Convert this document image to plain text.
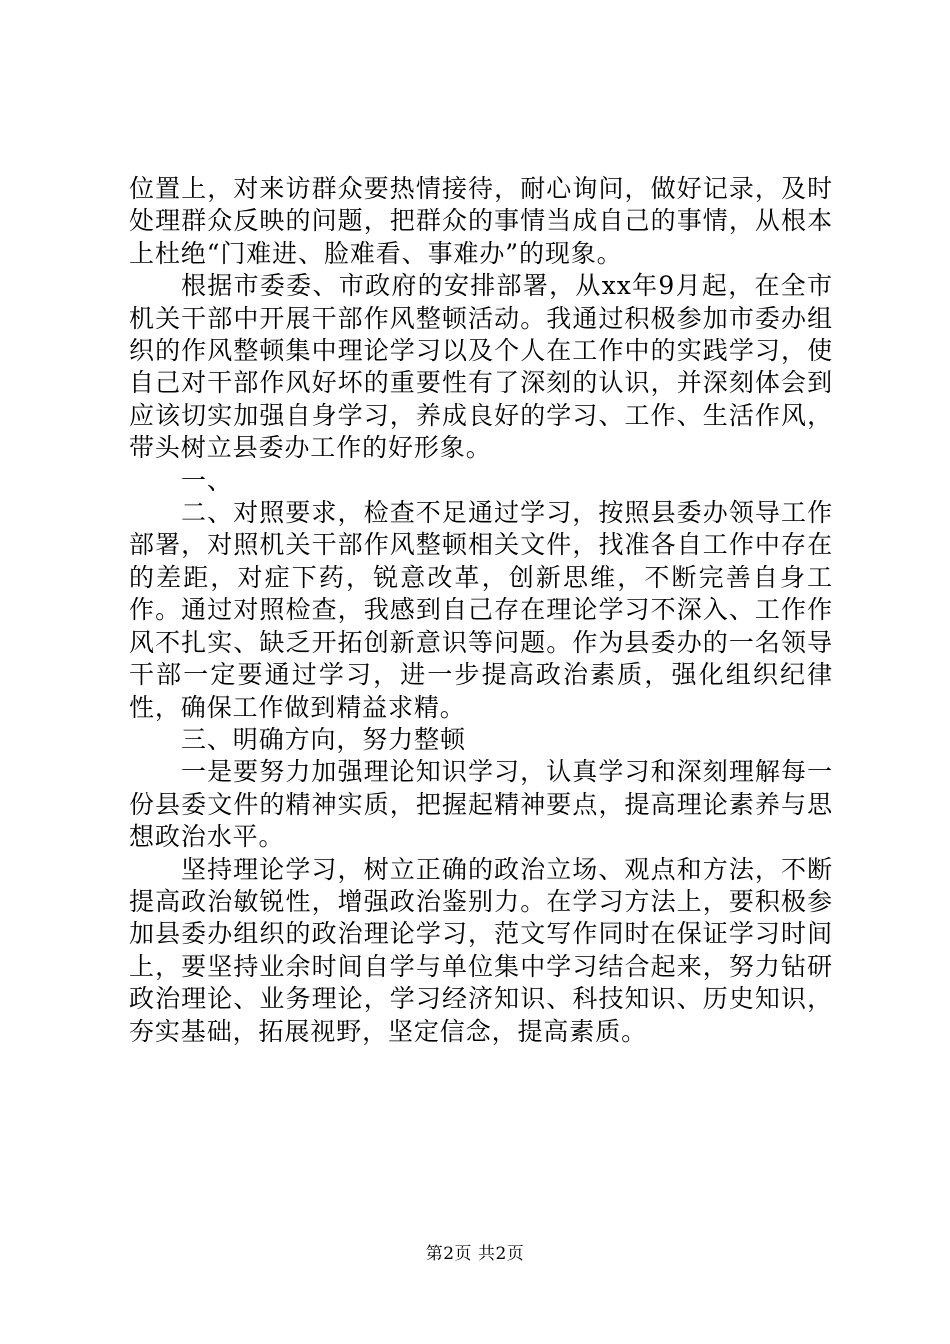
位置上，对来访群众要热情接待，耐心询问，做好记录，及时处理群众反映的问题，把群众的事情当成自己的事情，从根本上杜绝“门难进、脸难看、事难办”的现象。

根据市委委、市政府的安排部署，从xx年9月起，在全市机关干部中开展干部作风整顿活动。我通过积极参加市委办组织的作风整顿集中理论学习以及个人在工作中的实践学习，使自己对干部作风好坏的重要性有了深刻的认识，并深刻体会到应该切实加强自身学习，养成良好的学习、工作、生活作风，带头树立县委办工作的好形象。

一、

二、对照要求，检查不足通过学习，按照县委办领导工作部署，对照机关干部作风整顿相关文件，找准各自工作中存在的差距，对症下药，锐意改革，创新思维，不断完善自身工作。通过对照检查，我感到自己存在理论学习不深入、工作作风不扎实、缺乏开拓创新意识等问题。作为县委办的一名领导干部一定要通过学习，进一步提高政治素质，强化组织纪律性，确保工作做到精益求精。

三、明确方向，努力整顿

一是要努力加强理论知识学习，认真学习和深刻理解每一份县委文件的精神实质，把握起精神要点，提高理论素养与思想政治水平。

坚持理论学习，树立正确的政治立场、观点和方法，不断提高政治敏锐性，增强政治鉴别力。在学习方法上，要积极参加县委办组织的政治理论学习，范文写作同时在保证学习时间上，要坚持业余时间自学与单位集中学习结合起来，努力钻研政治理论、业务理论，学习经济知识、科技知识、历史知识，夯实基础，拓展视野，坚定信念，提高素质。

第2页 共2页
